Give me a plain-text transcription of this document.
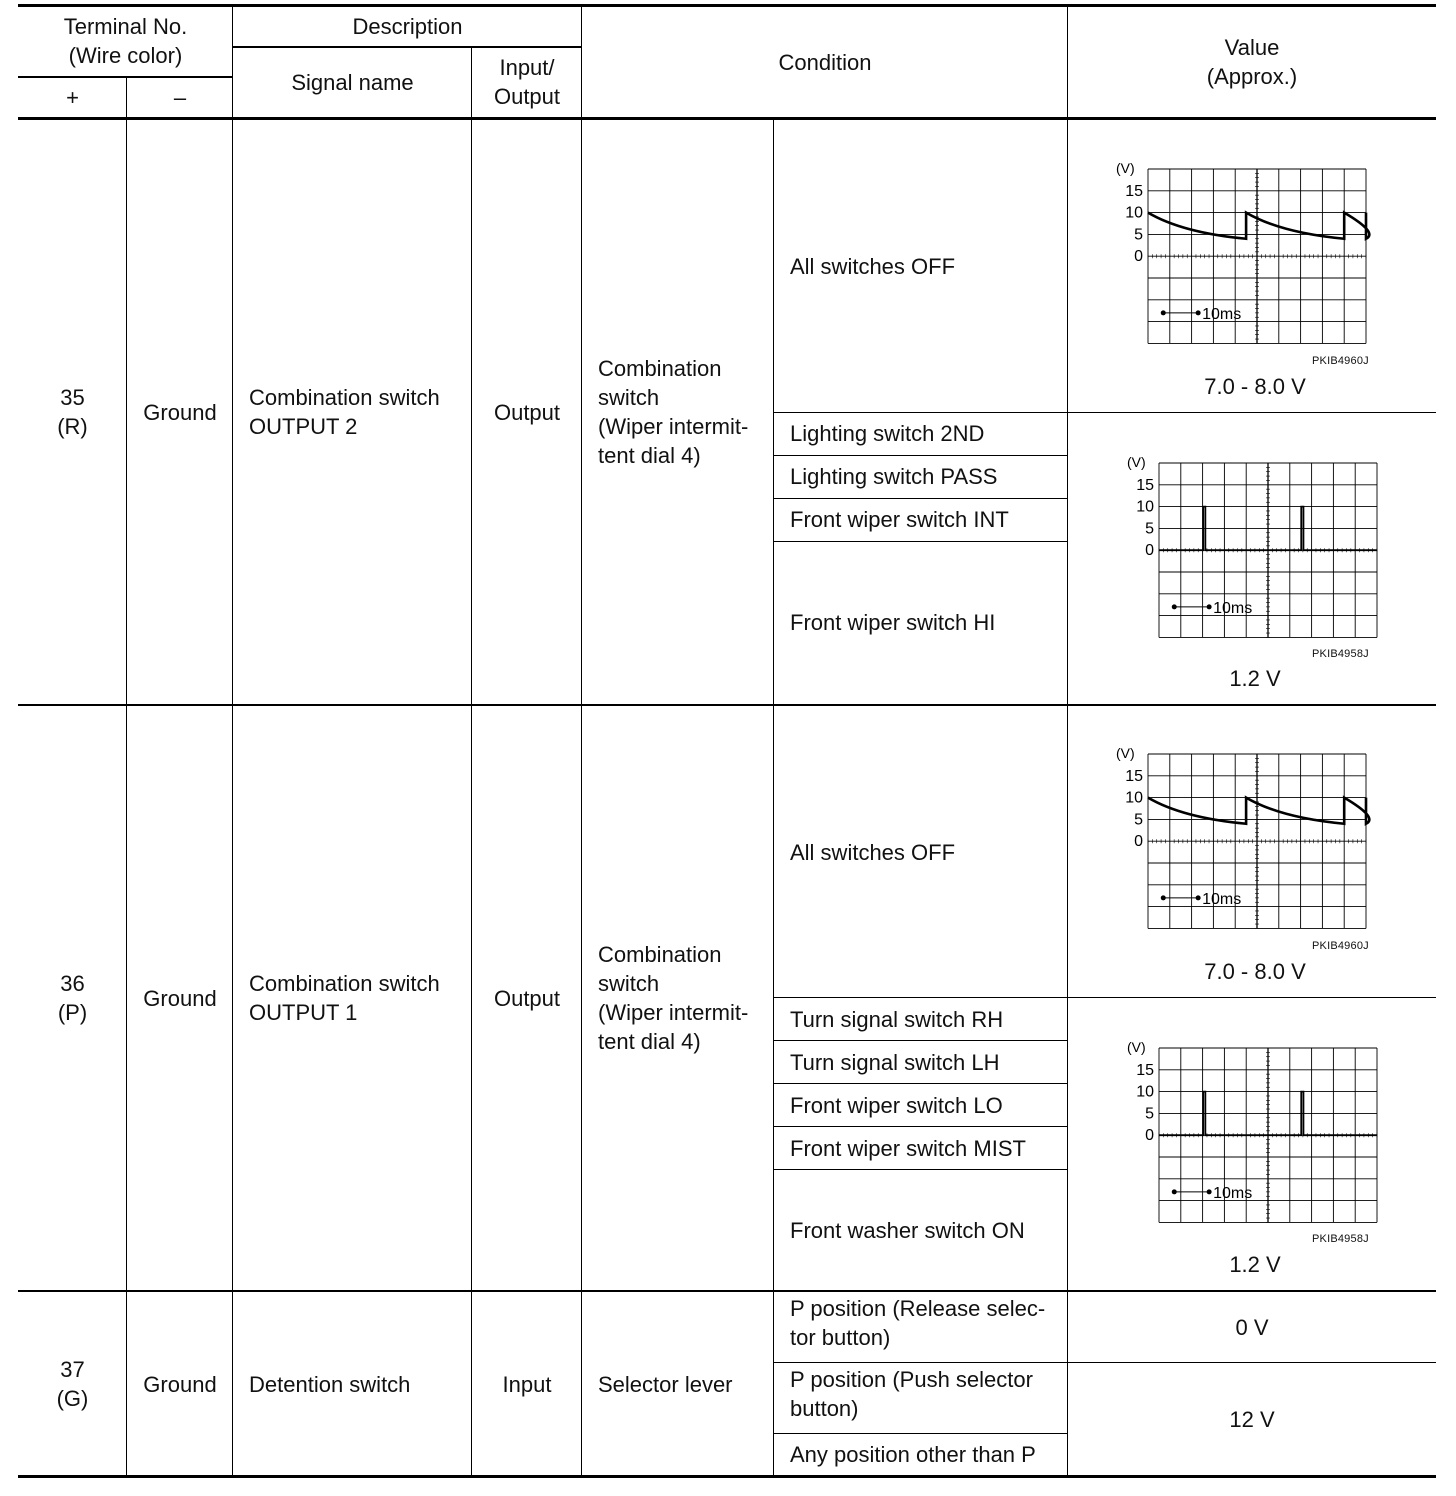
Terminal No.
(Wire color)
+	–
Description
Signal name
Input/
Output
Condition
Value
(Approx.)
35
(R)
Ground
Combination switch
OUTPUT 2
Output
Combination
switch
(Wiper intermit-
tent dial 4)
All switches OFF
Lighting switch 2ND
Lighting switch PASS
Front wiper switch INT
Front wiper switch HI
36
(P)
Ground
Combination switch
OUTPUT 1
Output
Combination
switch
(Wiper intermit-
tent dial 4)
All switches OFF
Turn signal switch RH
Turn signal switch LH
Front wiper switch LO
Front wiper switch MIST
Front washer switch ON
37
(G)
Ground Detention switch	Input Selector lever
P position (Release selec-
tor button)
P position (Push selector
button)
Any position other than P
0 V
12 V
(V)
15
10
5
0
10ms
(V)
15
10
5
0
10ms
(V)
15
10
5
0
10ms
(V)
15
10
5
0
10ms
7.0 - 8.0 V
1.2 V
7.0 - 8.0 V
1.2 V
PKIB4960J
PKIB4958J
PKIB4960J
PKIB4958J
